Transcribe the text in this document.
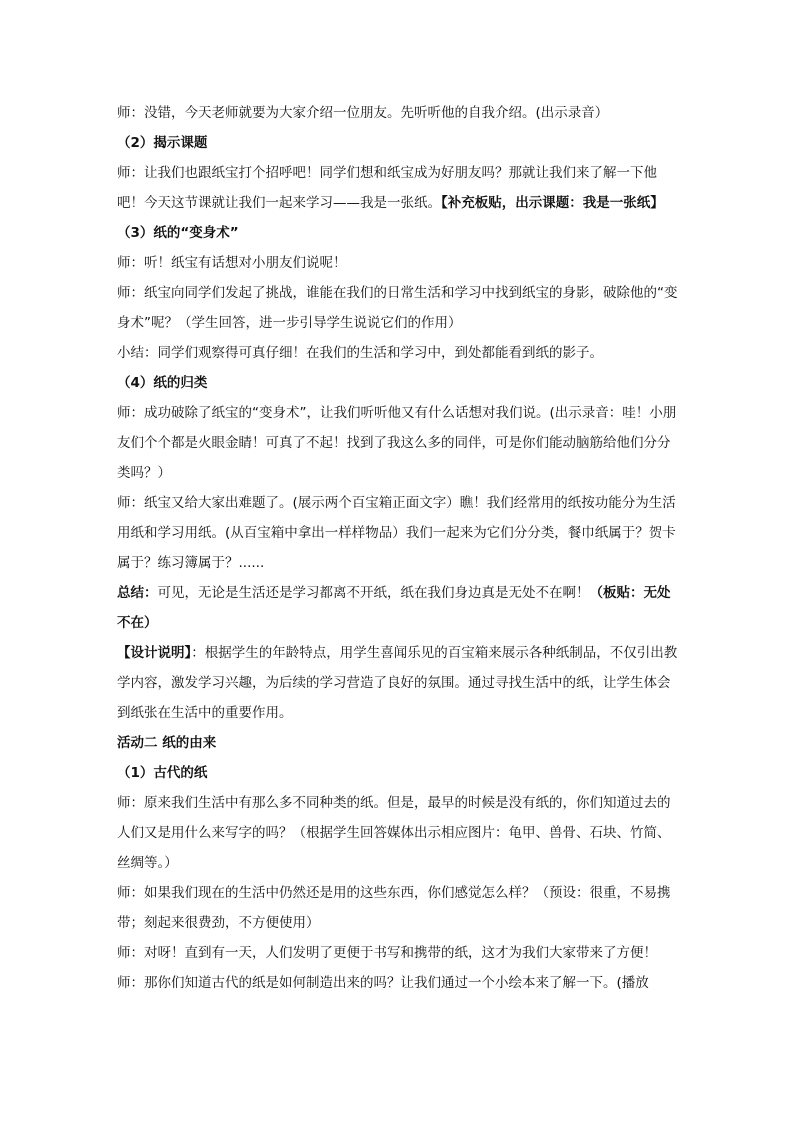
师：没错，今天老师就要为大家介绍一位朋友。先听听他的自我介绍。(出示录音）

（2）揭示课题

师：让我们也跟纸宝打个招呼吧！同学们想和纸宝成为好朋友吗？那就让我们来了解一下他吧！今天这节课就让我们一起来学习——我是一张纸。【补充板贴，出示课题：我是一张纸】

（3）纸的“变身术”

师：听！纸宝有话想对小朋友们说呢！

师：纸宝向同学们发起了挑战，谁能在我们的日常生活和学习中找到纸宝的身影，破除他的“变身术”呢？（学生回答，进一步引导学生说说它们的作用）

小结：同学们观察得可真仔细！在我们的生活和学习中，到处都能看到纸的影子。

（4）纸的归类

师：成功破除了纸宝的“变身术”，让我们听听他又有什么话想对我们说。(出示录音：哇！小朋友们个个都是火眼金睛！可真了不起！找到了我这么多的同伴，可是你们能动脑筋给他们分分类吗？）

师：纸宝又给大家出难题了。(展示两个百宝箱正面文字）瞧！我们经常用的纸按功能分为生活用纸和学习用纸。(从百宝箱中拿出一样样物品）我们一起来为它们分分类，餐巾纸属于？贺卡属于？练习簿属于？......

总结：可见，无论是生活还是学习都离不开纸，纸在我们身边真是无处不在啊！（板贴：无处不在）

【设计说明】：根据学生的年龄特点，用学生喜闻乐见的百宝箱来展示各种纸制品，不仅引出教学内容，激发学习兴趣，为后续的学习营造了良好的氛围。通过寻找生活中的纸，让学生体会到纸张在生活中的重要作用。

活动二 纸的由来

（1）古代的纸

师：原来我们生活中有那么多不同种类的纸。但是，最早的时候是没有纸的，你们知道过去的人们又是用什么来写字的吗？（根据学生回答媒体出示相应图片：龟甲、兽骨、石块、竹简、丝绸等。）

师：如果我们现在的生活中仍然还是用的这些东西，你们感觉怎么样？（预设：很重，不易携带；刻起来很费劲，不方便使用）

师：对呀！直到有一天，人们发明了更便于书写和携带的纸，这才为我们大家带来了方便！

师：那你们知道古代的纸是如何制造出来的吗？让我们通过一个小绘本来了解一下。(播放
